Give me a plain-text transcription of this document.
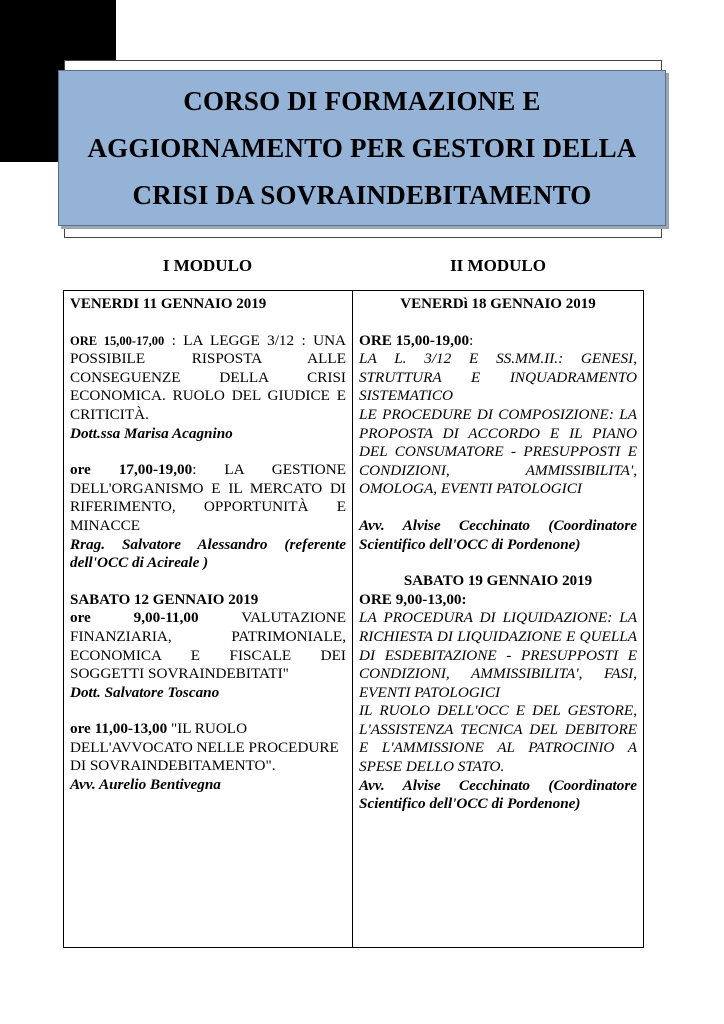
CORSO DI FORMAZIONE E
AGGIORNAMENTO PER GESTORI DELLA
CRISI DA SOVRAINDEBITAMENTO
I MODULO	II MODULO

VENERDI 11 GENNAIO 2019

ORE 15,00-17,00 : LA LEGGE 3/12 : UNA POSSIBILE RISPOSTA ALLE CONSEGUENZE DELLA CRISI ECONOMICA. RUOLO DEL GIUDICE E CRITICITÀ.

Dott.ssa Marisa Acagnino

ore 17,00-19,00: LA GESTIONE DELL'ORGANISMO E IL MERCATO DI RIFERIMENTO, OPPORTUNITÀ E MINACCE

Rrag. Salvatore Alessandro (referente dell'OCC di Acireale )

SABATO 12 GENNAIO 2019

ore 9,00-11,00 VALUTAZIONE FINANZIARIA, PATRIMONIALE, ECONOMICA E FISCALE DEI SOGGETTI SOVRAINDEBITATI"

Dott. Salvatore Toscano

ore 11,00-13,00 "IL RUOLO DELL'AVVOCATO NELLE PROCEDURE DI SOVRAINDEBITAMENTO".

Avv. Aurelio Bentivegna

VENERDì 18 GENNAIO 2019

ORE 15,00-19,00:

LA L. 3/12 E SS.MM.II.: GENESI, STRUTTURA E INQUADRAMENTO SISTEMATICO

LE PROCEDURE DI COMPOSIZIONE: LA PROPOSTA DI ACCORDO E IL PIANO DEL CONSUMATORE - PRESUPPOSTI E CONDIZIONI, AMMISSIBILITA', OMOLOGA, EVENTI PATOLOGICI

Avv. Alvise Cecchinato (Coordinatore Scientifico dell'OCC di Pordenone)

SABATO 19 GENNAIO 2019

ORE 9,00-13,00:

LA PROCEDURA DI LIQUIDAZIONE: LA RICHIESTA DI LIQUIDAZIONE E QUELLA DI ESDEBITAZIONE - PRESUPPOSTI E CONDIZIONI, AMMISSIBILITA', FASI, EVENTI PATOLOGICI

IL RUOLO DELL'OCC E DEL GESTORE, L'ASSISTENZA TECNICA DEL DEBITORE E L'AMMISSIONE AL PATROCINIO A SPESE DELLO STATO.

Avv. Alvise Cecchinato (Coordinatore Scientifico dell'OCC di Pordenone)
